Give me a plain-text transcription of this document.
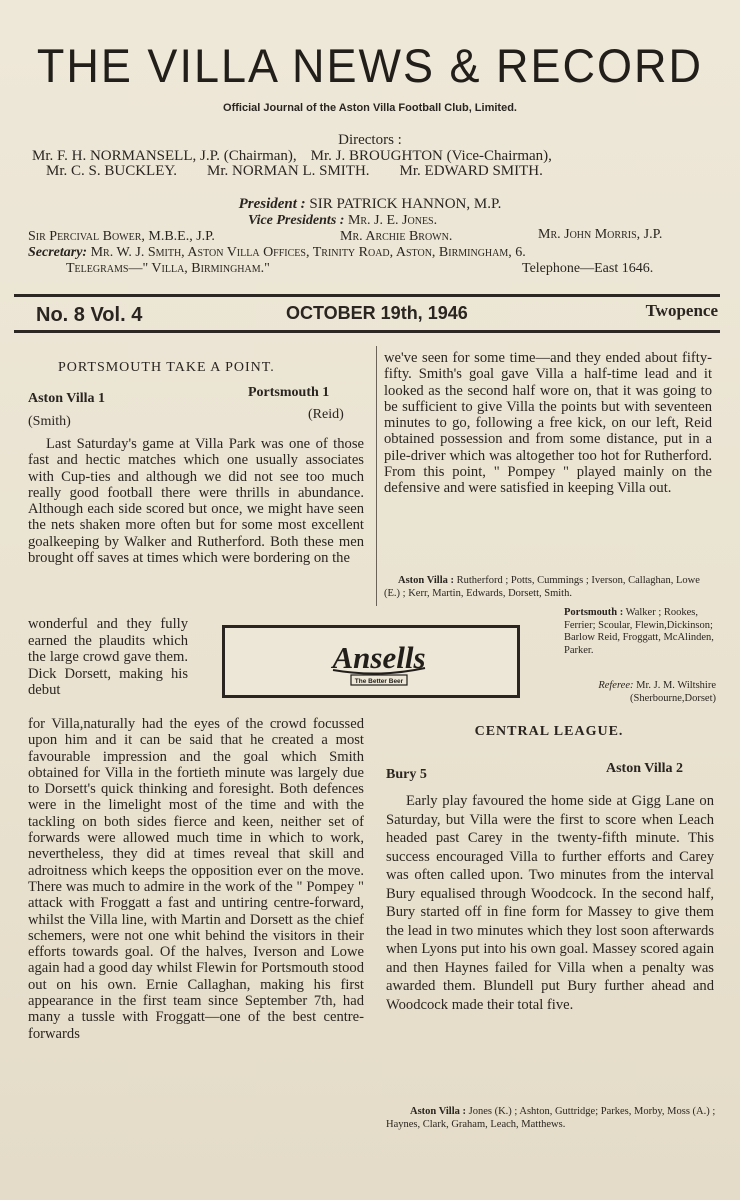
THE VILLA NEWS & RECORD
Official Journal of the Aston Villa Football Club, Limited.
Directors :
Mr. F. H. NORMANSELL, J.P. (Chairman), Mr. J. BROUGHTON (Vice-Chairman),
Mr. C. S. BUCKLEY. Mr. NORMAN L. SMITH. Mr. EDWARD SMITH.
President : SIR PATRICK HANNON, M.P.
Vice Presidents : Mr. J. E. Jones.
Sir Percival Bower, M.B.E., J.P.	Mr. Archie Brown.	Mr. John Morris, J.P.
Secretary: Mr. W. J. Smith, Aston Villa Offices, Trinity Road, Aston, Birmingham, 6.
Telegrams—" Villa, Birmingham."	Telephone—East 1646.
No. 8 Vol. 4	OCTOBER 19th, 1946	Twopence
PORTSMOUTH TAKE A POINT.
Aston Villa 1	Portsmouth 1
(Smith)	(Reid)
Last Saturday's game at Villa Park was one of those fast and hectic matches which one usually associates with Cup-ties and although we did not see too much really good football there were thrills in abundance. Although each side scored but once, we might have seen the nets shaken more often but for some most excellent goalkeeping by Walker and Rutherford. Both these men brought off saves at times which were bordering on the
wonderful and they fully earned the plaudits which the large crowd gave them. Dick Dorsett, making his debut
for Villa,naturally had the eyes of the crowd focussed upon him and it can be said that he created a most favourable impression and the goal which Smith obtained for Villa in the fortieth minute was largely due to Dorsett's quick thinking and foresight. Both defences were in the limelight most of the time and with the tackling on both sides fierce and keen, neither set of forwards were allowed much time in which to work, nevertheless, they did at times reveal that skill and adroitness which keeps the opposition ever on the move. There was much to admire in the work of the " Pompey " attack with Froggatt a fast and untiring centre-forward, whilst the Villa line, with Martin and Dorsett as the chief schemers, were not one whit behind the visitors in their efforts towards goal. Of the halves, Iverson and Lowe again had a good day whilst Flewin for Portsmouth stood out on his own. Ernie Callaghan, making his first appearance in the first team since September 7th, had many a tussle with Froggatt—one of the best centre-forwards
we've seen for some time—and they ended about fifty-fifty. Smith's goal gave Villa a half-time lead and it looked as the second half wore on, that it was going to be sufficient to give Villa the points but with seventeen minutes to go, following a free kick, on our left, Reid obtained possession and from some distance, put in a pile-driver which was altogether too hot for Rutherford. From this point, " Pompey " played mainly on the defensive and were satisfied in keeping Villa out.
Aston Villa : Rutherford ; Potts, Cummings ; Iverson, Callaghan, Lowe (E.) ; Kerr, Martin, Edwards, Dorsett, Smith.
Portsmouth : Walker ; Rookes, Ferrier; Scoular, Flewin,Dickinson; Barlow Reid, Froggatt, McAlinden, Parker.
Referee: Mr. J. M. Wiltshire (Sherbourne,Dorset)
Ansells
The Better Beer
CENTRAL LEAGUE.
Bury 5	Aston Villa 2
Early play favoured the home side at Gigg Lane on Saturday, but Villa were the first to score when Leach headed past Carey in the twenty-fifth minute. This success encouraged Villa to further efforts and Carey was often called upon. Two minutes from the interval Bury equalised through Woodcock. In the second half, Bury started off in fine form for Massey to give them the lead in two minutes which they lost soon afterwards when Lyons put into his own goal. Massey scored again and then Haynes failed for Villa when a penalty was awarded them. Blundell put Bury further ahead and Woodcock made their total five.
Aston Villa : Jones (K.) ; Ashton, Guttridge; Parkes, Morby, Moss (A.) ; Haynes, Clark, Graham, Leach, Matthews.
